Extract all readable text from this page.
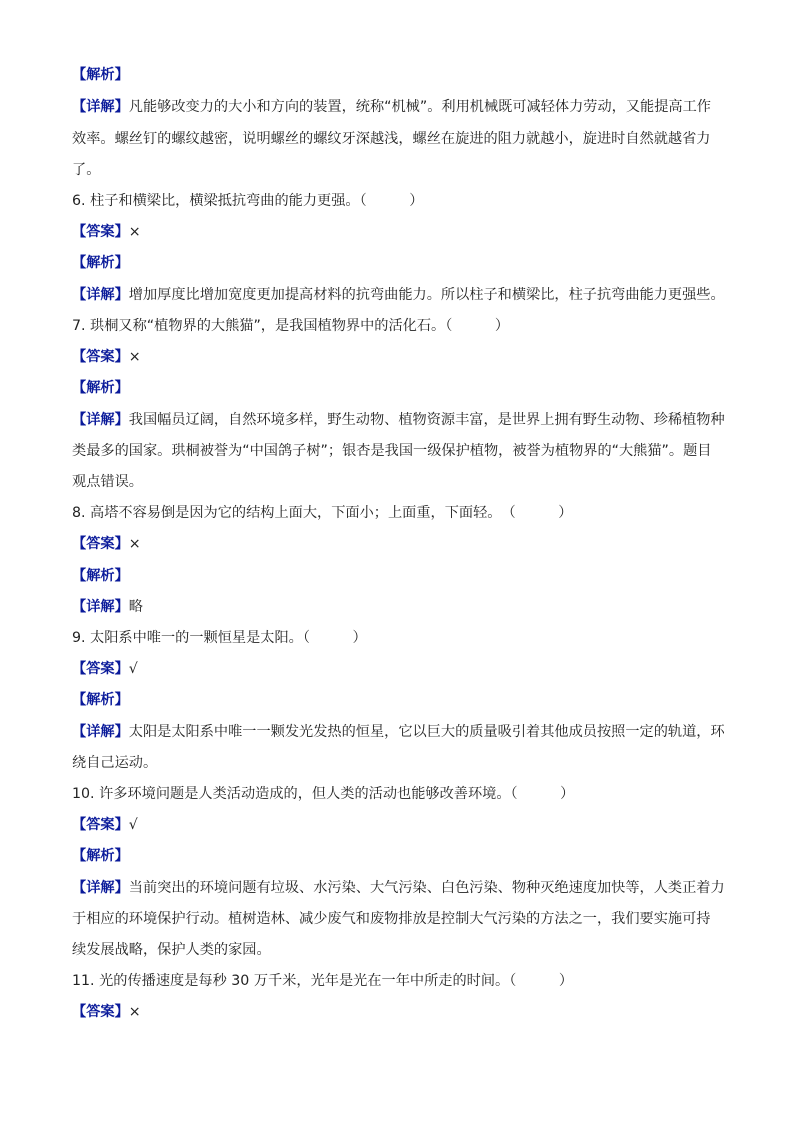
【解析】
【详解】凡能够改变力的大小和方向的装置，统称“机械”。利用机械既可减轻体力劳动，又能提高工作
效率。螺丝钉的螺纹越密，说明螺丝的螺纹牙深越浅，螺丝在旋进的阻力就越小，旋进时自然就越省力
了。
6. 柱子和横梁比，横梁抵抗弯曲的能力更强。（　　　）
【答案】×
【解析】
【详解】增加厚度比增加宽度更加提高材料的抗弯曲能力。所以柱子和横梁比，柱子抗弯曲能力更强些。
7. 珙桐又称“植物界的大熊猫”，是我国植物界中的活化石。（　　　）
【答案】×
【解析】
【详解】我国幅员辽阔，自然环境多样，野生动物、植物资源丰富，是世界上拥有野生动物、珍稀植物种
类最多的国家。珙桐被誉为“中国鸽子树”；银杏是我国一级保护植物，被誉为植物界的“大熊猫”。题目
观点错误。
8. 高塔不容易倒是因为它的结构上面大，下面小；上面重，下面轻。　（　　　）
【答案】×
【解析】
【详解】略
9. 太阳系中唯一的一颗恒星是太阳。（　　　）
【答案】√
【解析】
【详解】太阳是太阳系中唯一一颗发光发热的恒星，它以巨大的质量吸引着其他成员按照一定的轨道，环
绕自己运动。
10. 许多环境问题是人类活动造成的，但人类的活动也能够改善环境。（　　　）
【答案】√
【解析】
【详解】当前突出的环境问题有垃圾、水污染、大气污染、白色污染、物种灭绝速度加快等，人类正着力
于相应的环境保护行动。植树造林、减少废气和废物排放是控制大气污染的方法之一，我们要实施可持
续发展战略，保护人类的家园。
11. 光的传播速度是每秒 30 万千米，光年是光在一年中所走的时间。（　　　）
【答案】×
